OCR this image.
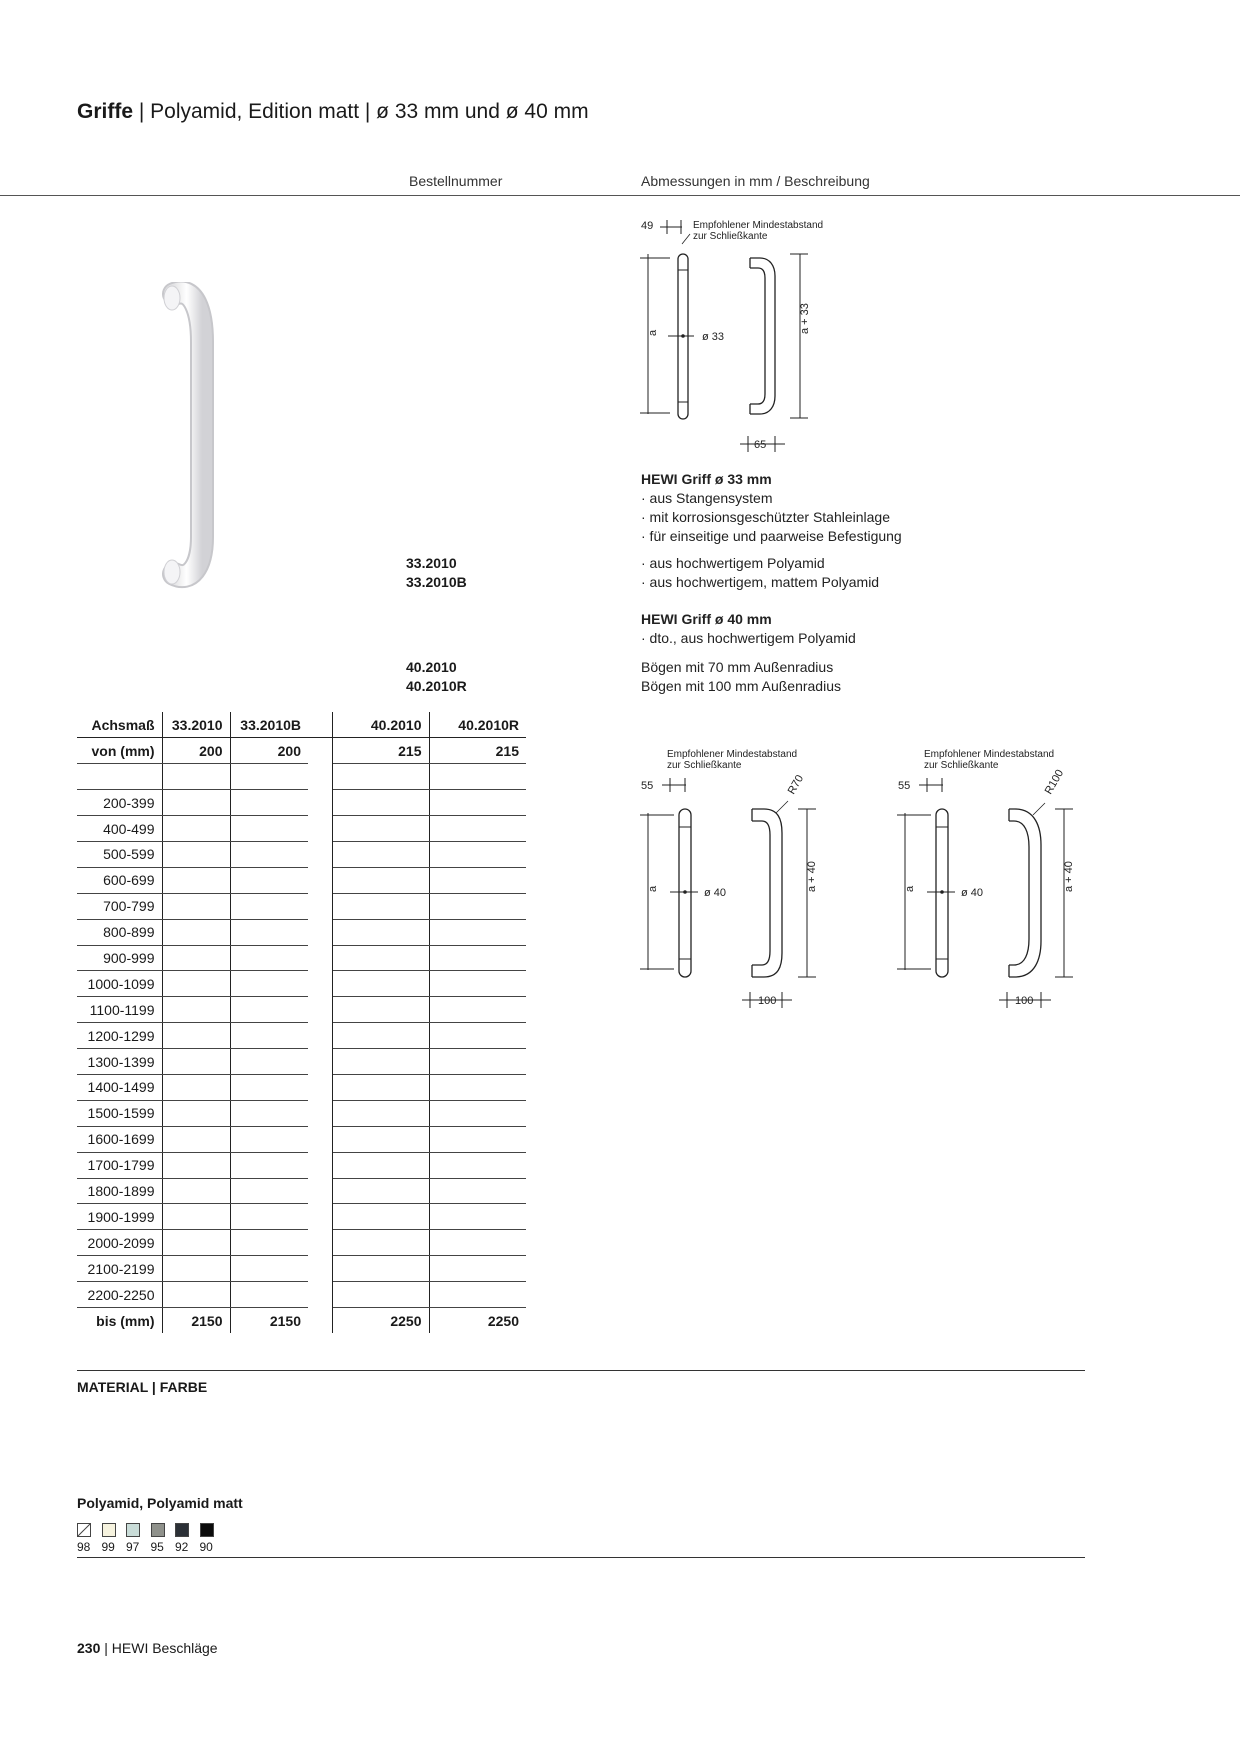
Griffe | Polyamid, Edition matt | ø 33 mm und ø 40 mm
Bestellnummer	Abmessungen in mm / Beschreibung
49	Empfohlener Mindestabstand
zur Schließkante
a	ø 33
a + 33
65
HEWI Griff ø 33 mm
· aus Stangensystem
· mit korrosionsgeschützter Stahleinlage
· für einseitige und paarweise Befestigung
33.2010
33.2010B
· aus hochwertigem Polyamid
· aus hochwertigem, mattem Polyamid
HEWI Griff ø 40 mm
· dto., aus hochwertigem Polyamid
40.2010
40.2010R
Bögen mit 70 mm Außenradius
Bögen mit 100 mm Außenradius
Empfohlener Mindestabstand
zur Schließkante
55
a	ø 40
R70
a + 40
100
Empfohlener Mindestabstand
zur Schließkante
55
a	ø 40
R100
a + 40
100
Achsmaß	33.2010	33.2010B		40.2010	40.2010R
von (mm)	200	200		215	215

200-399					
400-499					
500-599					
600-699					
700-799					
800-899					
900-999					
1000-1099					
1100-1199					
1200-1299					
1300-1399					
1400-1499					
1500-1599					
1600-1699					
1700-1799					
1800-1899					
1900-1999					
2000-2099					
2100-2199					
2200-2250					
bis (mm)	2150	2150		2250	2250
MATERIAL | FARBE
Polyamid, Polyamid matt
98 99 97 95 92 90
230 | HEWI Beschläge
